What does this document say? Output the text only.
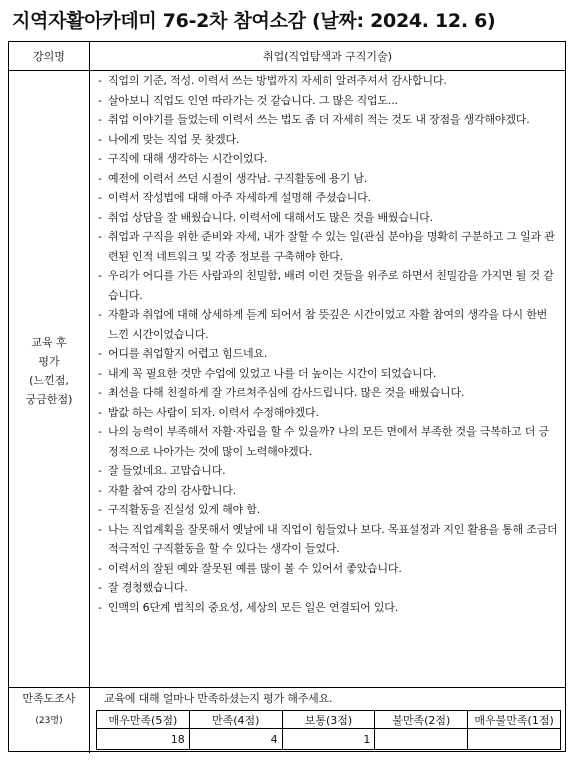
지역자활아카데미 76-2차 참여소감 (날짜: 2024. 12. 6)
강의명	취업(직업탐색과 구직기술)
교육 후
평가
(느낀점,
궁금한점)
- 직업의 기준, 적성. 이력서 쓰는 방법까지 자세히 알려주셔서 감사합니다.
- 살아보니 직업도 인연 따라가는 것 같습니다. 그 많은 직업도...
- 취업 이야기를 들었는데 이력서 쓰는 법도 좀 더 자세히 적는 것도 내 장점을 생각해야겠다.
- 나에게 맞는 직업 못 찾겠다.
- 구직에 대해 생각하는 시간이었다.
- 예전에 이력서 쓰던 시절이 생각남. 구직활동에 용기 남.
- 이력서 작성법에 대해 아주 자세하게 설명해 주셨습니다.
- 취업 상담을 잘 배웠습니다. 이력서에 대해서도 많은 것을 배웠습니다.
- 취업과 구직을 위한 준비와 자세, 내가 잘할 수 있는 일(관심 분야)을 명확히 구분하고 그 일과 관련된 인적 네트워크 및 각종 정보를 구축해야 한다.
- 우리가 어디를 가든 사람과의 친밀함, 배려 이런 것들을 위주로 하면서 친밀감을 가지면 될 것 같습니다.
- 자활과 취업에 대해 상세하게 듣게 되어서 참 뜻깊은 시간이었고 자활 참여의 생각을 다시 한번 느낀 시간이었습니다.
- 어디를 취업할지 어렵고 힘드네요.
- 내게 꼭 필요한 것만 수업에 있었고 나를 더 높이는 시간이 되었습니다.
- 최선을 다해 친절하게 잘 가르쳐주심에 감사드립니다. 많은 것을 배웠습니다.
- 밥값 하는 사람이 되자. 이력서 수정해야겠다.
- 나의 능력이 부족해서 자활·자립을 할 수 있을까? 나의 모든 면에서 부족한 것을 극복하고 더 긍정적으로 나아가는 것에 많이 노력해야겠다.
- 잘 들었네요. 고맙습니다.
- 자활 참여 강의 감사합니다.
- 구직활동을 진실성 있게 해야 함.
- 나는 직업계획을 잘못해서 옛날에 내 직업이 힘들었나 보다. 목표설정과 지인 활용을 통해 조금더 적극적인 구직활동을 할 수 있다는 생각이 들었다.
- 이력서의 잘된 예와 잘못된 예를 많이 볼 수 있어서 좋았습니다.
- 잘 경청했습니다.
- 인맥의 6단계 법칙의 중요성, 세상의 모든 일은 연결되어 있다.
만족도조사
(23명)
교육에 대해 얼마나 만족하셨는지 평가 해주세요.
매우만족(5점)	만족(4점)	보통(3점)	불만족(2점)	매우불만족(1점)
18	4	1		
